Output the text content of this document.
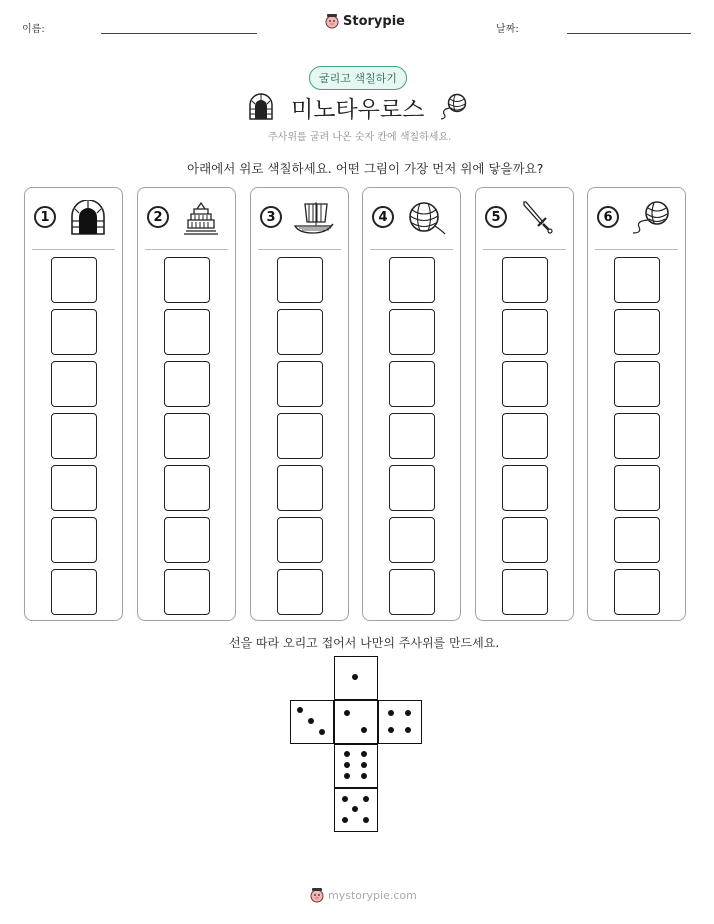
이름:
Storypie
날짜:
굴리고 색칠하기
미노타우로스
주사위를 굴려 나온 숫자 칸에 색칠하세요.
아래에서 위로 색칠하세요. 어떤 그림이 가장 먼저 위에 닿을까요?
1	2	3	4	5	6
선을 따라 오리고 접어서 나만의 주사위를 만드세요.
mystorypie.com
